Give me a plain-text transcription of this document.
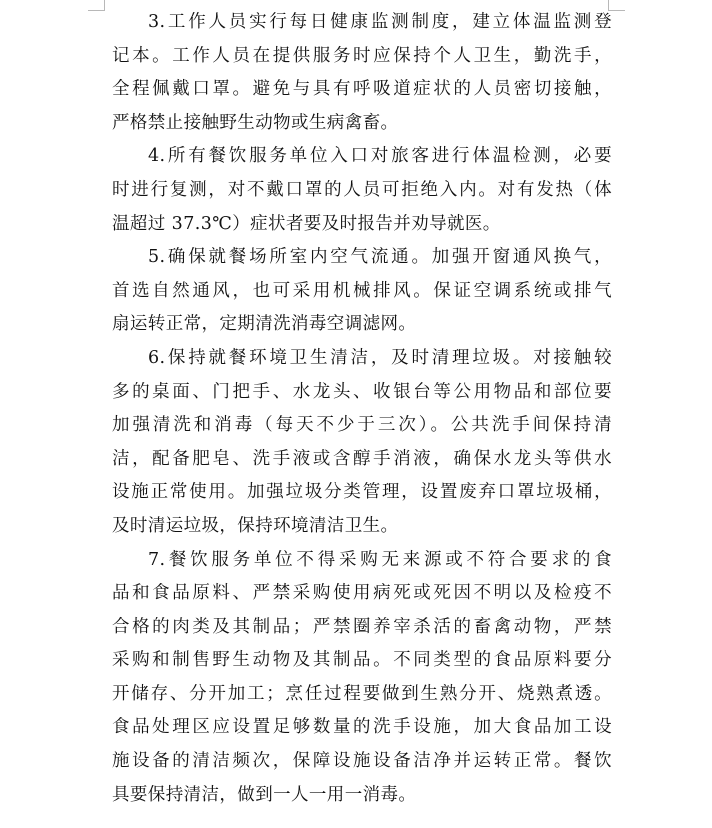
3.工作人员实行每日健康监测制度，建立体温监测登
记本。工作人员在提供服务时应保持个人卫生，勤洗手，
全程佩戴口罩。避免与具有呼吸道症状的人员密切接触，
严格禁止接触野生动物或生病禽畜。
4.所有餐饮服务单位入口对旅客进行体温检测，必要
时进行复测，对不戴口罩的人员可拒绝入内。对有发热（体
温超过 37.3℃）症状者要及时报告并劝导就医。
5.确保就餐场所室内空气流通。加强开窗通风换气，
首选自然通风，也可采用机械排风。保证空调系统或排气
扇运转正常，定期清洗消毒空调滤网。
6.保持就餐环境卫生清洁，及时清理垃圾。对接触较
多的桌面、门把手、水龙头、收银台等公用物品和部位要
加强清洗和消毒（每天不少于三次）。公共洗手间保持清
洁，配备肥皂、洗手液或含醇手消液，确保水龙头等供水
设施正常使用。加强垃圾分类管理，设置废弃口罩垃圾桶，
及时清运垃圾，保持环境清洁卫生。
7.餐饮服务单位不得采购无来源或不符合要求的食
品和食品原料、严禁采购使用病死或死因不明以及检疫不
合格的肉类及其制品；严禁圈养宰杀活的畜禽动物，严禁
采购和制售野生动物及其制品。不同类型的食品原料要分
开储存、分开加工；烹任过程要做到生熟分开、烧熟煮透。
食品处理区应设置足够数量的洗手设施，加大食品加工设
施设备的清洁频次，保障设施设备洁净并运转正常。餐饮
具要保持清洁，做到一人一用一消毒。
